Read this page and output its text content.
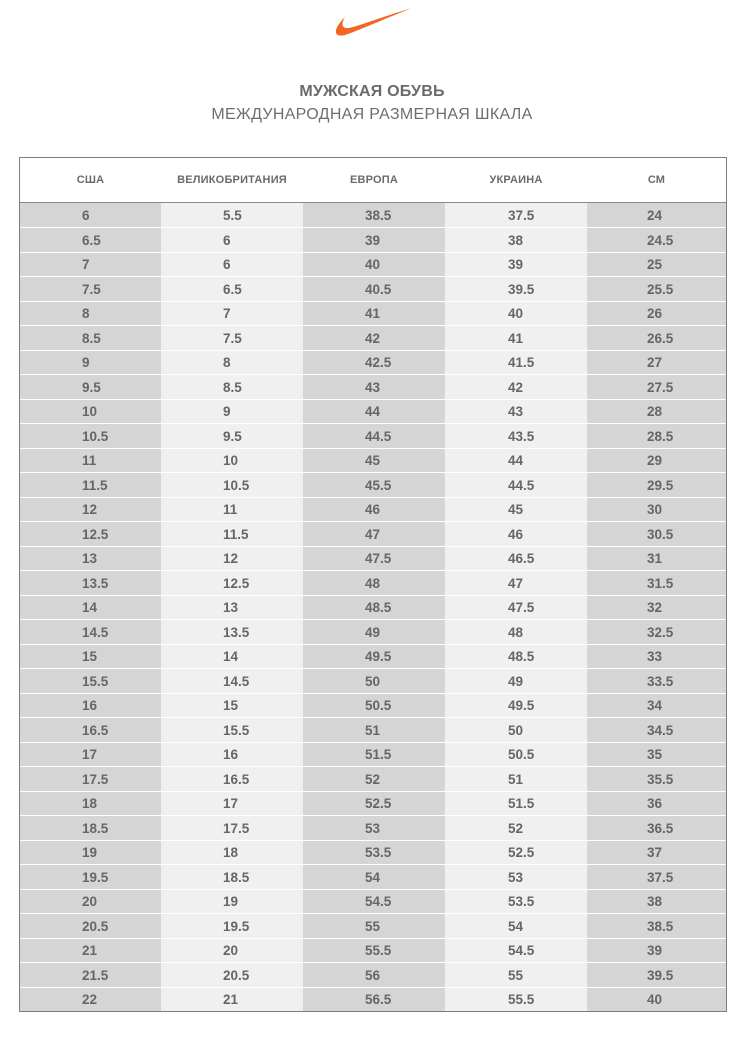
МУЖСКАЯ ОБУВЬ
МЕЖДУНАРОДНАЯ РАЗМЕРНАЯ ШКАЛА
США	ВЕЛИКОБРИТАНИЯ	ЕВРОПА	УКРАИНА	СМ
6	5.5	38.5	37.5	24
6.5	6	39	38	24.5
7	6	40	39	25
7.5	6.5	40.5	39.5	25.5
8	7	41	40	26
8.5	7.5	42	41	26.5
9	8	42.5	41.5	27
9.5	8.5	43	42	27.5
10	9	44	43	28
10.5	9.5	44.5	43.5	28.5
11	10	45	44	29
11.5	10.5	45.5	44.5	29.5
12	11	46	45	30
12.5	11.5	47	46	30.5
13	12	47.5	46.5	31
13.5	12.5	48	47	31.5
14	13	48.5	47.5	32
14.5	13.5	49	48	32.5
15	14	49.5	48.5	33
15.5	14.5	50	49	33.5
16	15	50.5	49.5	34
16.5	15.5	51	50	34.5
17	16	51.5	50.5	35
17.5	16.5	52	51	35.5
18	17	52.5	51.5	36
18.5	17.5	53	52	36.5
19	18	53.5	52.5	37
19.5	18.5	54	53	37.5
20	19	54.5	53.5	38
20.5	19.5	55	54	38.5
21	20	55.5	54.5	39
21.5	20.5	56	55	39.5
22	21	56.5	55.5	40
